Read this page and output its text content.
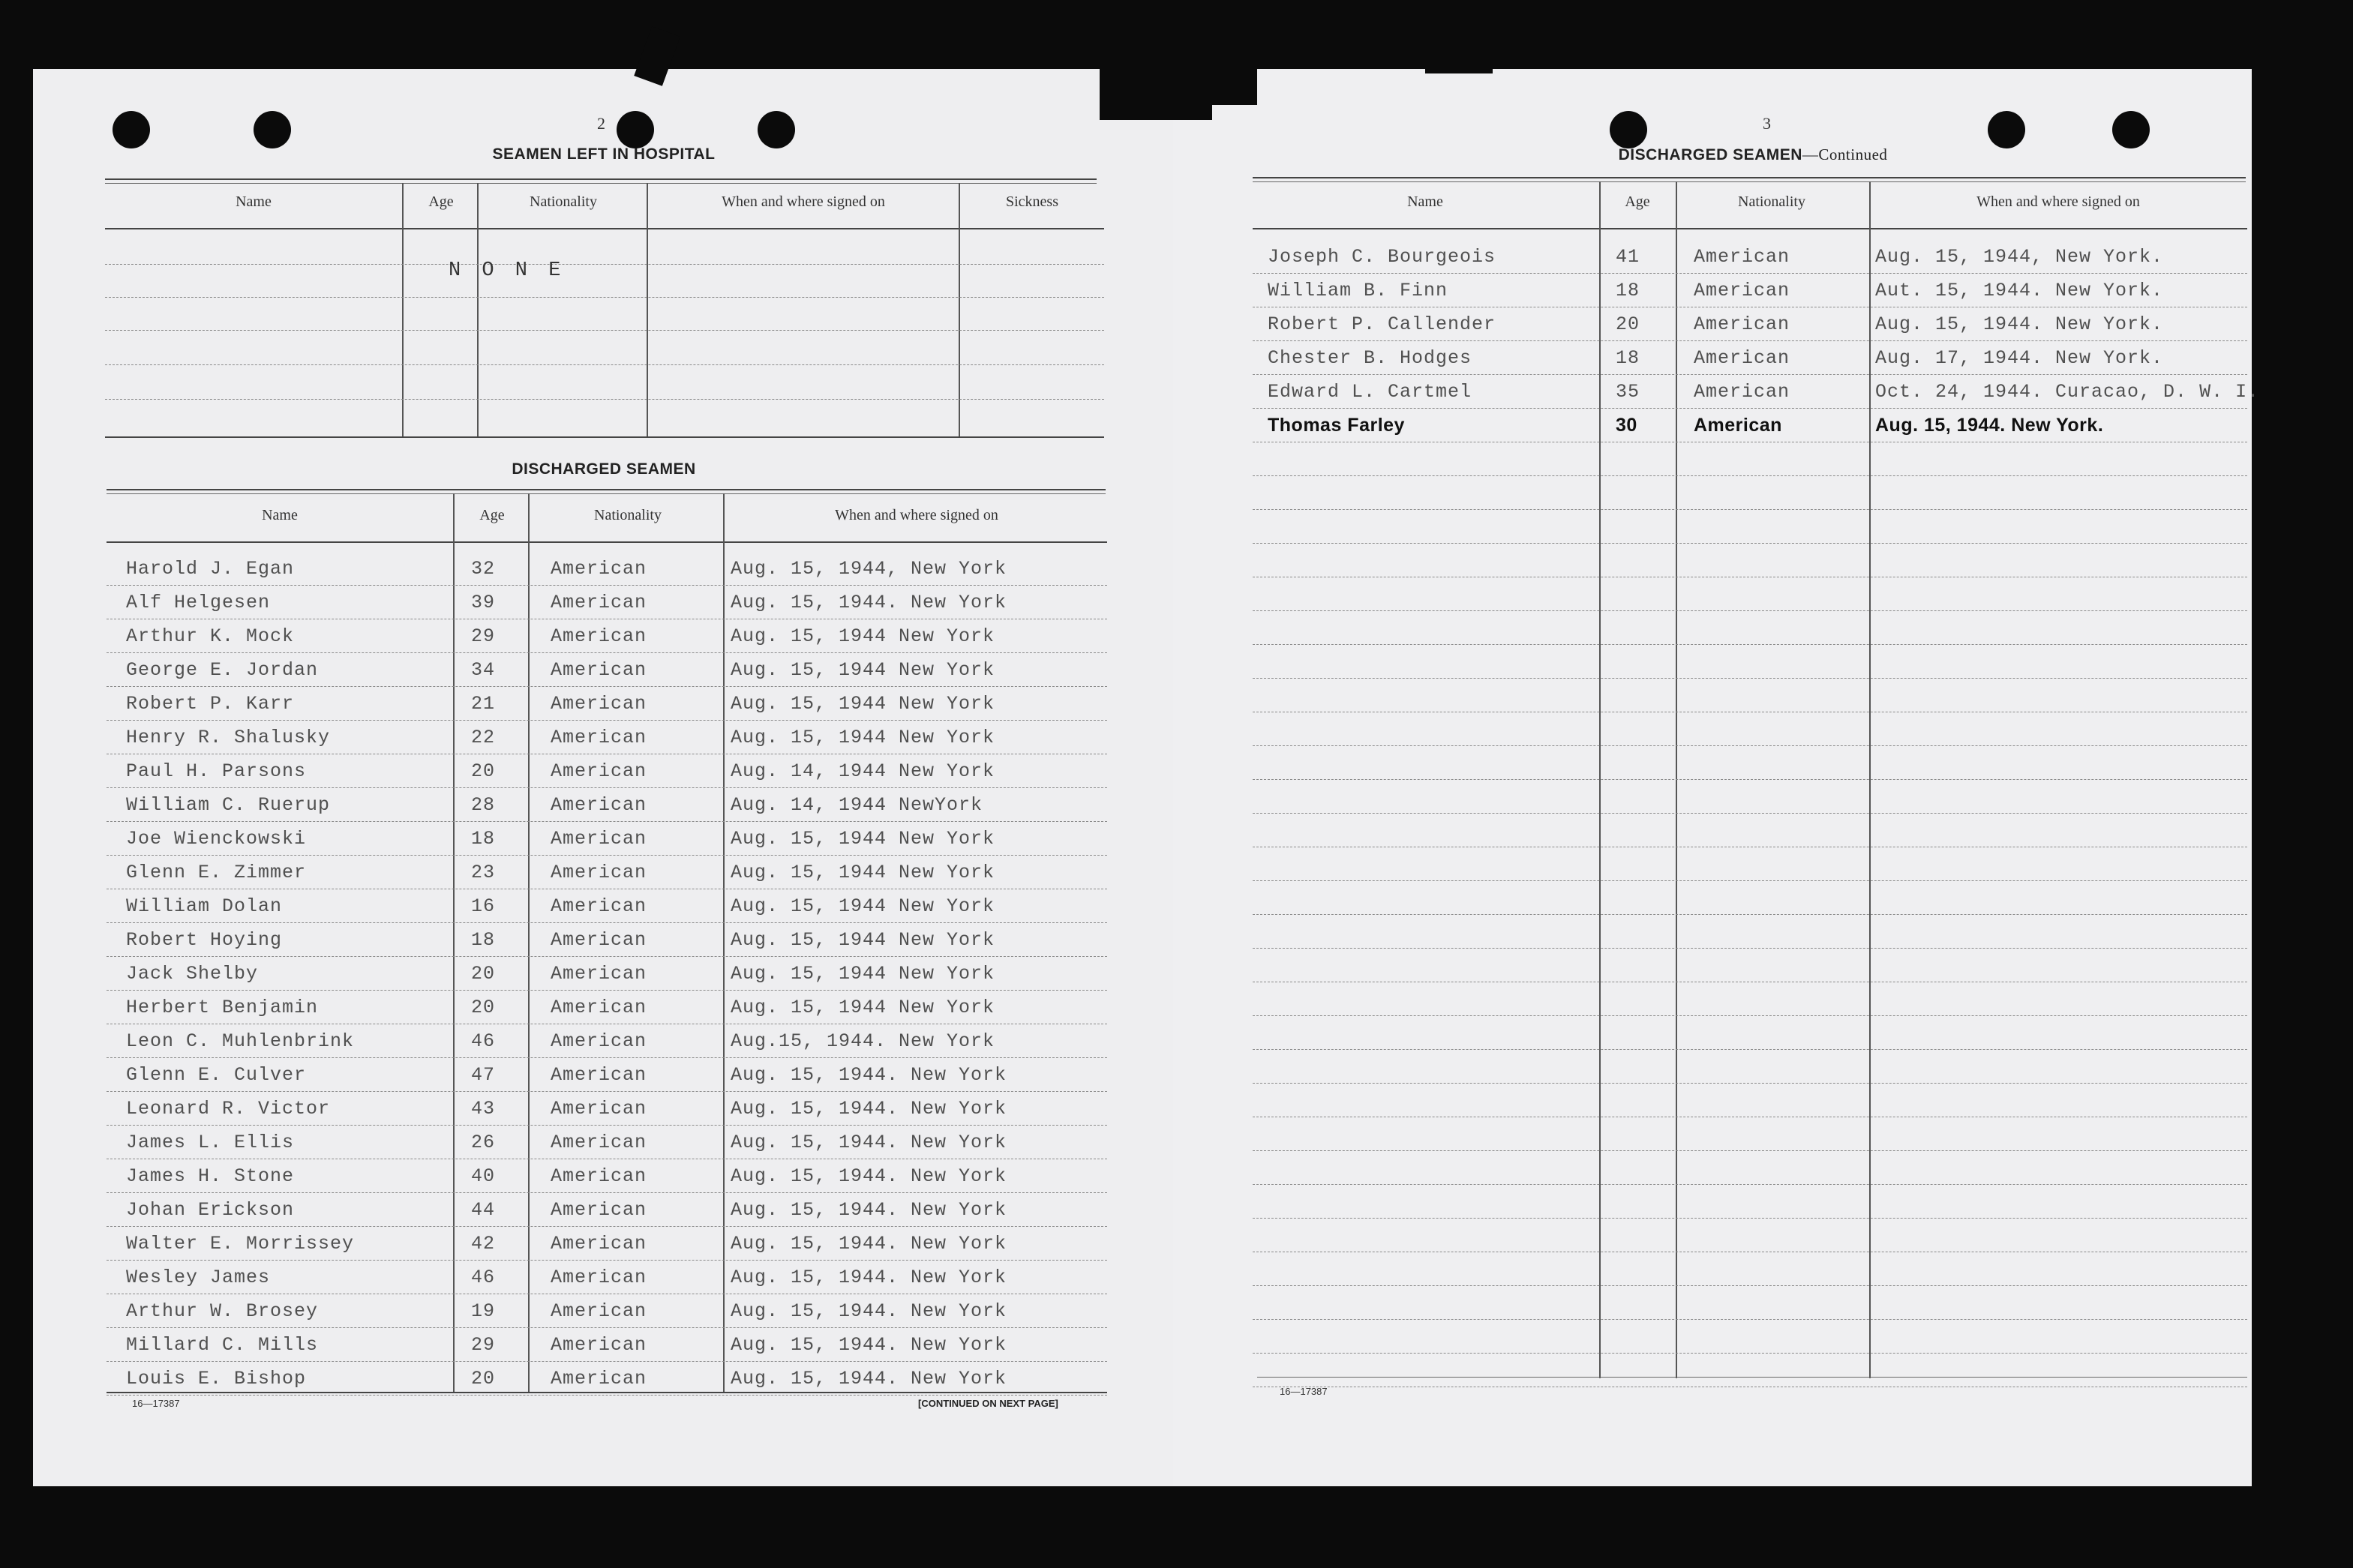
2
SEAMEN LEFT IN HOSPITAL
Name	Age	Nationality	When and where signed on	Sickness
N O N E
DISCHARGED SEAMEN
Name	Age	Nationality	When and where signed on
Harold J. Egan	32	American	Aug. 15, 1944, New York
Alf Helgesen	39	American	Aug. 15, 1944. New York
Arthur K. Mock	29	American	Aug. 15, 1944 New York
George E. Jordan	34	American	Aug. 15, 1944 New York
Robert P. Karr	21	American	Aug. 15, 1944 New York
Henry R. Shalusky	22	American	Aug. 15, 1944 New York
Paul H. Parsons	20	American	Aug. 14, 1944 New York
William C. Ruerup	28	American	Aug. 14, 1944 NewYork
Joe Wienckowski	18	American	Aug. 15, 1944 New York
Glenn E. Zimmer	23	American	Aug. 15, 1944 New York
William Dolan	16	American	Aug. 15, 1944 New York
Robert Hoying	18	American	Aug. 15, 1944 New York
Jack Shelby	20	American	Aug. 15, 1944 New York
Herbert Benjamin	20	American	Aug. 15, 1944 New York
Leon C. Muhlenbrink	46	American	Aug.15, 1944. New York
Glenn E. Culver	47	American	Aug. 15, 1944. New York
Leonard R. Victor	43	American	Aug. 15, 1944. New York
James L. Ellis	26	American	Aug. 15, 1944. New York
James H. Stone	40	American	Aug. 15, 1944. New York
Johan Erickson	44	American	Aug. 15, 1944. New York
Walter E. Morrissey	42	American	Aug. 15, 1944. New York
Wesley James	46	American	Aug. 15, 1944. New York
Arthur W. Brosey	19	American	Aug. 15, 1944. New York
Millard C. Mills	29	American	Aug. 15, 1944. New York
Louis E. Bishop	20	American	Aug. 15, 1944. New York
16—17387	[CONTINUED ON NEXT PAGE]
3
DISCHARGED SEAMEN—Continued
Name	Age	Nationality	When and where signed on
Joseph C. Bourgeois	41	American	Aug. 15, 1944, New York.
William B. Finn	18	American	Aut. 15, 1944. New York.
Robert P. Callender	20	American	Aug. 15, 1944. New York.
Chester B. Hodges	18	American	Aug. 17, 1944. New York.
Edward L. Cartmel	35	American	Oct. 24, 1944. Curacao, D. W. I.
Thomas Farley	30	American	Aug. 15, 1944. New York.
16—17387
